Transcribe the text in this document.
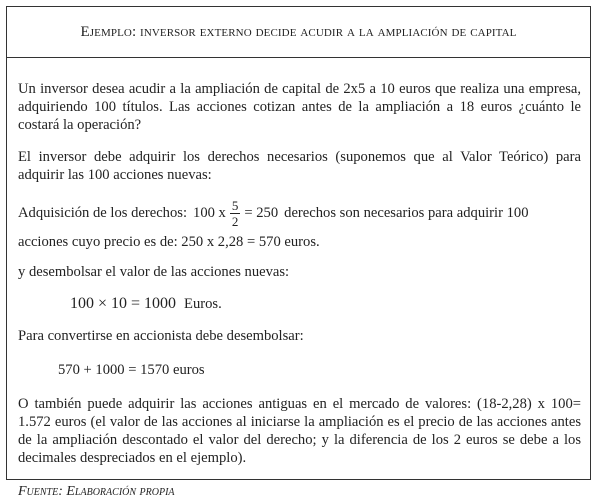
Ejemplo: inversor externo decide acudir a la ampliación de capital

Un inversor desea acudir a la ampliación de capital de 2x5 a 10 euros que realiza una empresa, adquiriendo 100 títulos. Las acciones cotizan antes de la ampliación a 18 euros ¿cuánto le costará la operación?

El inversor debe adquirir los derechos necesarios (suponemos que al Valor Teórico) para adquirir las 100 acciones nuevas:

Adquisición de los derechos: 100 x $\frac{5}{2} = 250$ derechos son necesarios para adquirir 100

acciones cuyo precio es de: 250 x 2,28 = 570 euros.

y desembolsar el valor de las acciones nuevas:

100 × 10 = 1000 Euros.

Para convertirse en accionista debe desembolsar:

570 + 1000 = 1570 euros

O también puede adquirir las acciones antiguas en el mercado de valores: (18-2,28) x 100= 1.572 euros (el valor de las acciones al iniciarse la ampliación es el precio de las acciones antes de la ampliación descontado el valor del derecho; y la diferencia de los 2 euros se debe a los decimales despreciados en el ejemplo).

Fuente: Elaboración propia
